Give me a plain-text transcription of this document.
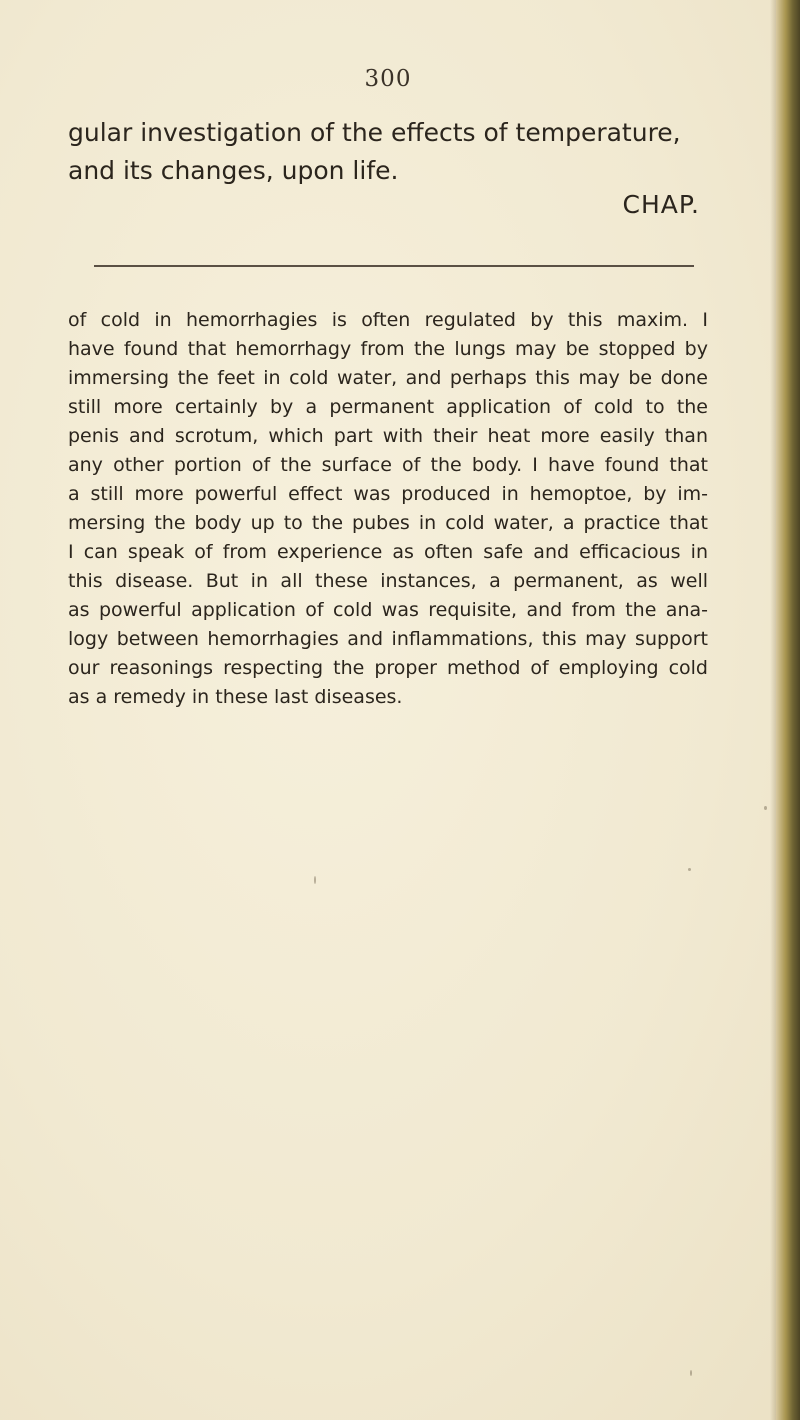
300
gular investigation of the effects of temperature,
and its changes, upon life.
CHAP.
of cold in hemorrhagies is often regulated by this maxim. I
have found that hemorrhagy from the lungs may be stopped by
immersing the feet in cold water, and perhaps this may be done
still more certainly by a permanent application of cold to the
penis and scrotum, which part with their heat more easily than
any other portion of the surface of the body. I have found that
a still more powerful effect was produced in hemoptoe, by im-
mersing the body up to the pubes in cold water, a practice that
I can speak of from experience as often safe and efficacious in
this disease. But in all these instances, a permanent, as well
as powerful application of cold was requisite, and from the ana-
logy between hemorrhagies and inflammations, this may support
our reasonings respecting the proper method of employing cold
as a remedy in these last diseases.
